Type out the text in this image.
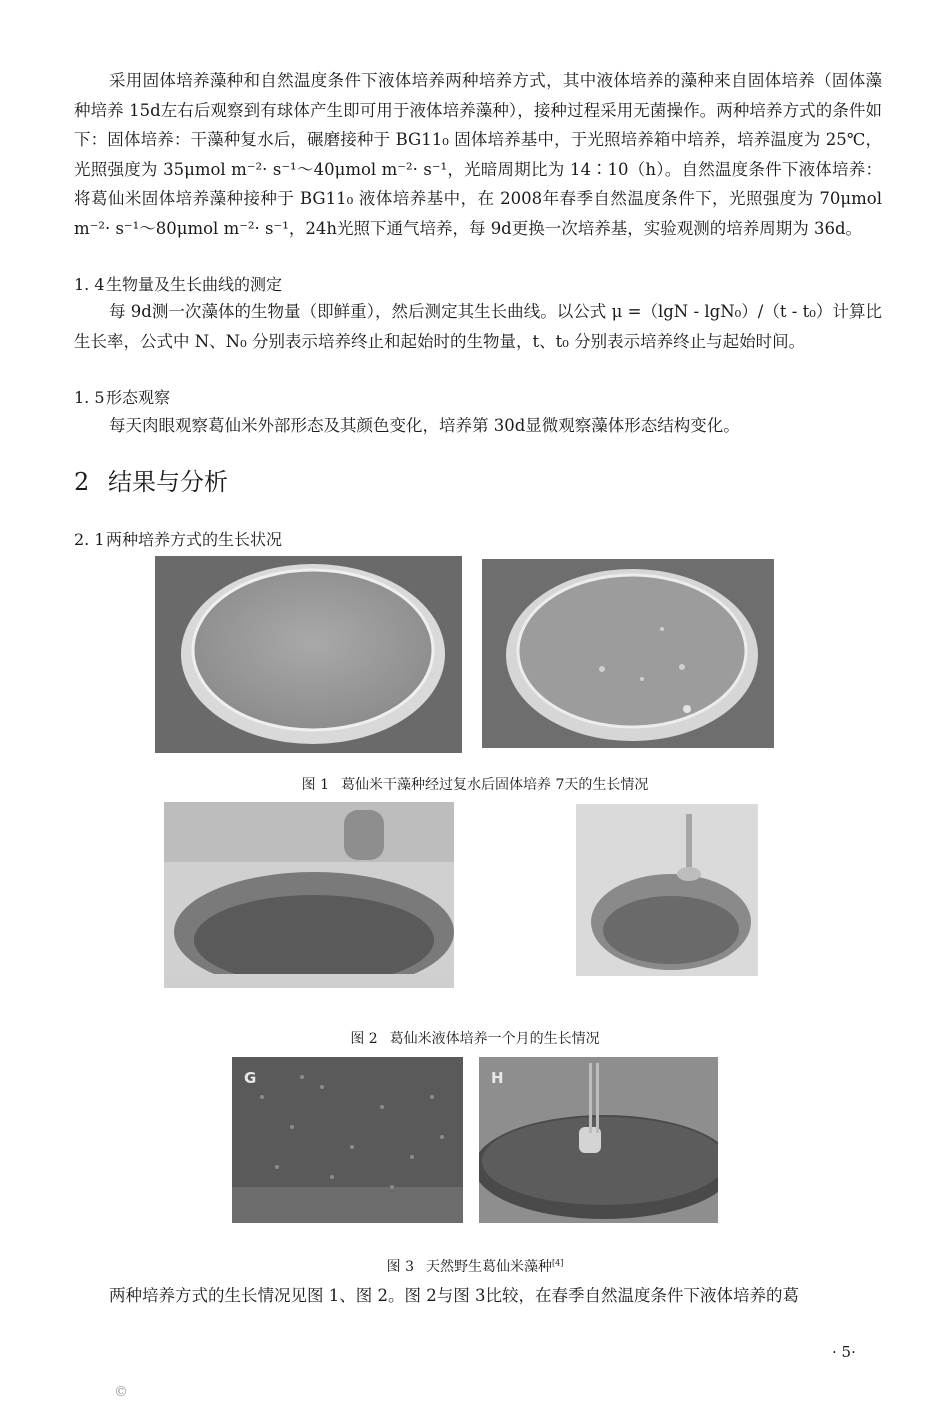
采用固体培养藻种和自然温度条件下液体培养两种培养方式，其中液体培养的藻种来自固体培养（固体藻种培养 15d左右后观察到有球体产生即可用于液体培养藻种），接种过程采用无菌操作。两种培养方式的条件如下：固体培养：干藻种复水后，碾磨接种于 BG11₀ 固体培养基中，于光照培养箱中培养，培养温度为 25℃，光照强度为 35μmol m⁻²· s⁻¹～40μmol m⁻²· s⁻¹，光暗周期比为 14∶10（h）。自然温度条件下液体培养：将葛仙米固体培养藻种接种于 BG11₀ 液体培养基中，在 2008年春季自然温度条件下，光照强度为 70μmol m⁻²· s⁻¹～80μmol m⁻²· s⁻¹，24h光照下通气培养，每 9d更换一次培养基，实验观测的培养周期为 36d。

1. 4生物量及生长曲线的测定

每 9d测一次藻体的生物量（即鲜重），然后测定其生长曲线。以公式 μ =（lgN - lgN₀）/（t - t₀）计算比生长率，公式中 N、N₀ 分别表示培养终止和起始时的生物量，t、t₀ 分别表示培养终止与起始时间。

1. 5形态观察

每天肉眼观察葛仙米外部形态及其颜色变化，培养第 30d显微观察藻体形态结构变化。

2 结果与分析

2. 1两种培养方式的生长状况

图 1 葛仙米干藻种经过复水后固体培养 7天的生长情况

图 2 葛仙米液体培养一个月的生长情况

G	H

图 3 天然野生葛仙米藻种[4]

两种培养方式的生长情况见图 1、图 2。图 2与图 3比较，在春季自然温度条件下液体培养的葛

· 5·
©
